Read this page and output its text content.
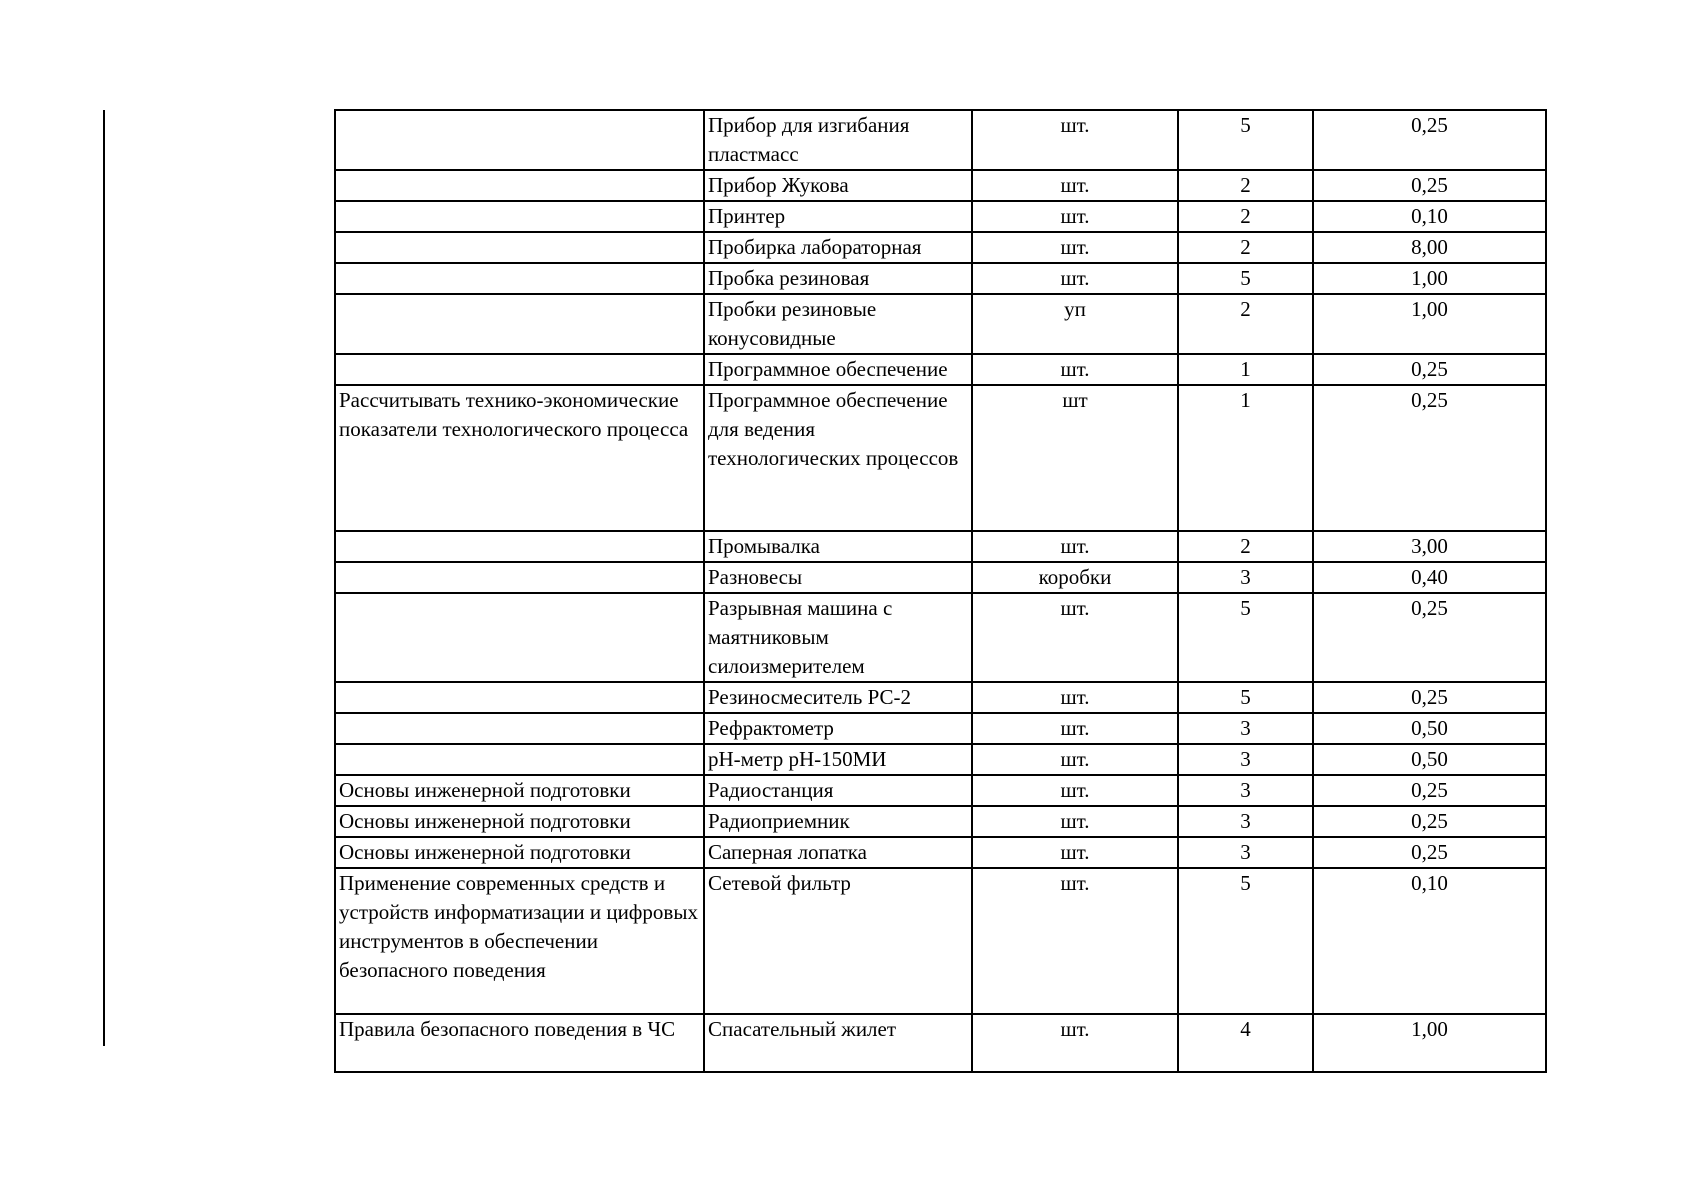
	Прибор для изгибания пластмасс	шт.	5	0,25
	Прибор Жукова	шт.	2	0,25
	Принтер	шт.	2	0,10
	Пробирка лабораторная	шт.	2	8,00
	Пробка резиновая	шт.	5	1,00
	Пробки резиновые конусовидные	уп	2	1,00
	Программное обеспечение	шт.	1	0,25
Рассчитывать технико-экономические показатели технологического процесса	Программное обеспечение для ведения технологических процессов	шт	1	0,25
	Промывалка	шт.	2	3,00
	Разновесы	коробки	3	0,40
	Разрывная машина с маятниковым силоизмерителем	шт.	5	0,25
	Резиносмеситель РС-2	шт.	5	0,25
	Рефрактометр	шт.	3	0,50
	рН-метр рН-150МИ	шт.	3	0,50
Основы инженерной подготовки	Радиостанция	шт.	3	0,25
Основы инженерной подготовки	Радиоприемник	шт.	3	0,25
Основы инженерной подготовки	Саперная лопатка	шт.	3	0,25
Применение современных средств и устройств информатизации и цифровых инструментов в обеспечении безопасного поведения	Сетевой фильтр	шт.	5	0,10
Правила безопасного поведения в ЧС	Спасательный жилет	шт.	4	1,00
